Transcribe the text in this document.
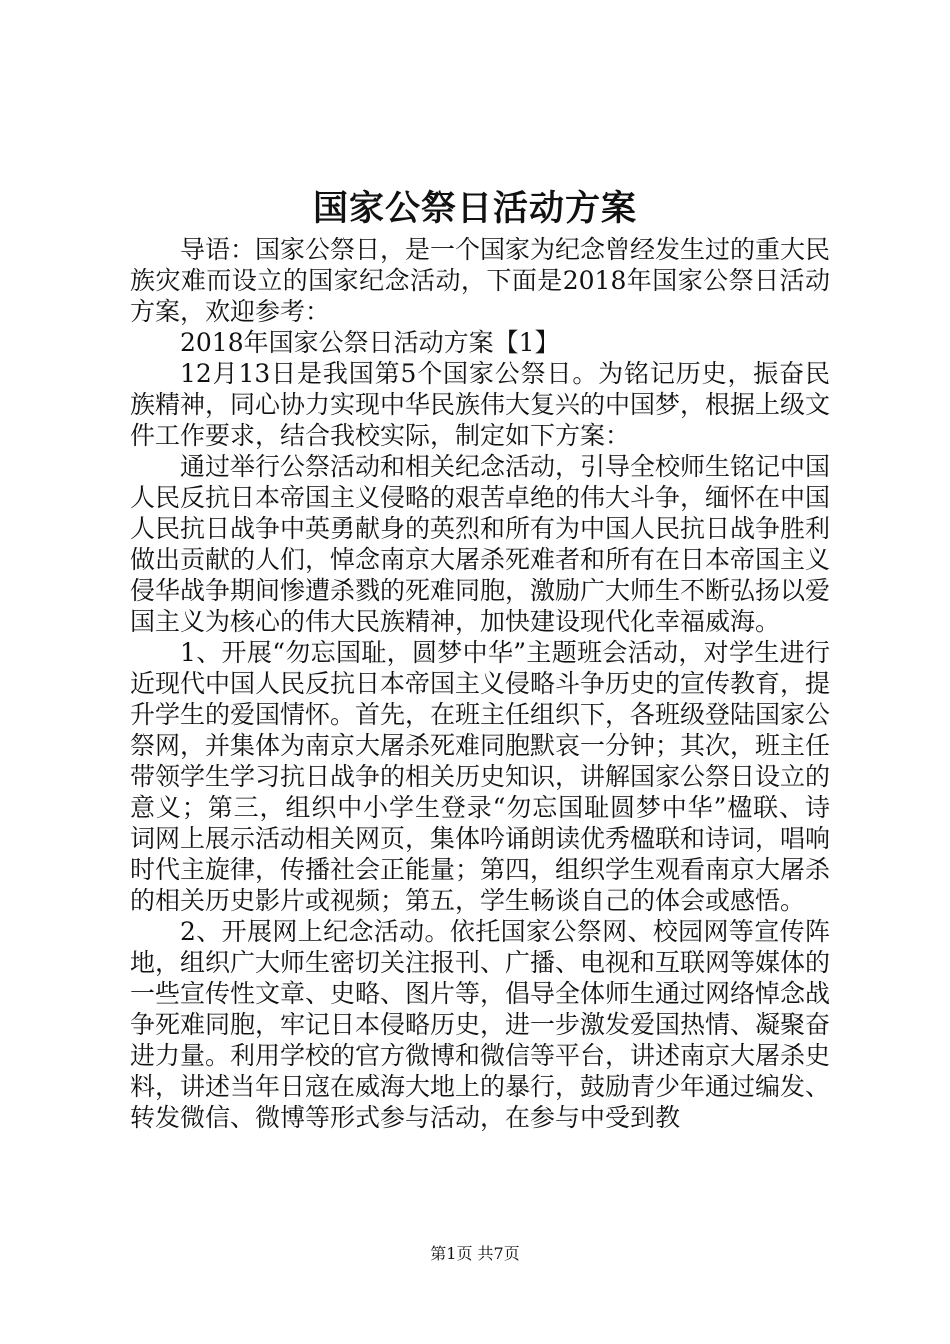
国家公祭日活动方案

导语：国家公祭日，是一个国家为纪念曾经发生过的重大民族灾难而设立的国家纪念活动，下面是2018年国家公祭日活动方案，欢迎参考：

2018年国家公祭日活动方案【1】

12月13日是我国第5个国家公祭日。为铭记历史，振奋民族精神，同心协力实现中华民族伟大复兴的中国梦，根据上级文件工作要求，结合我校实际，制定如下方案：

通过举行公祭活动和相关纪念活动，引导全校师生铭记中国人民反抗日本帝国主义侵略的艰苦卓绝的伟大斗争，缅怀在中国人民抗日战争中英勇献身的英烈和所有为中国人民抗日战争胜利做出贡献的人们，悼念南京大屠杀死难者和所有在日本帝国主义侵华战争期间惨遭杀戮的死难同胞，激励广大师生不断弘扬以爱国主义为核心的伟大民族精神，加快建设现代化幸福威海。

1、开展“勿忘国耻，圆梦中华”主题班会活动，对学生进行近现代中国人民反抗日本帝国主义侵略斗争历史的宣传教育，提升学生的爱国情怀。首先，在班主任组织下，各班级登陆国家公祭网，并集体为南京大屠杀死难同胞默哀一分钟；其次，班主任带领学生学习抗日战争的相关历史知识，讲解国家公祭日设立的意义；第三，组织中小学生登录“勿忘国耻圆梦中华”楹联、诗词网上展示活动相关网页，集体吟诵朗读优秀楹联和诗词，唱响时代主旋律，传播社会正能量；第四，组织学生观看南京大屠杀的相关历史影片或视频；第五，学生畅谈自己的体会或感悟。

2、开展网上纪念活动。依托国家公祭网、校园网等宣传阵地，组织广大师生密切关注报刊、广播、电视和互联网等媒体的一些宣传性文章、史略、图片等，倡导全体师生通过网络悼念战争死难同胞，牢记日本侵略历史，进一步激发爱国热情、凝聚奋进力量。利用学校的官方微博和微信等平台，讲述南京大屠杀史料，讲述当年日寇在威海大地上的暴行，鼓励青少年通过编发、转发微信、微博等形式参与活动，在参与中受到教

第1页 共7页
